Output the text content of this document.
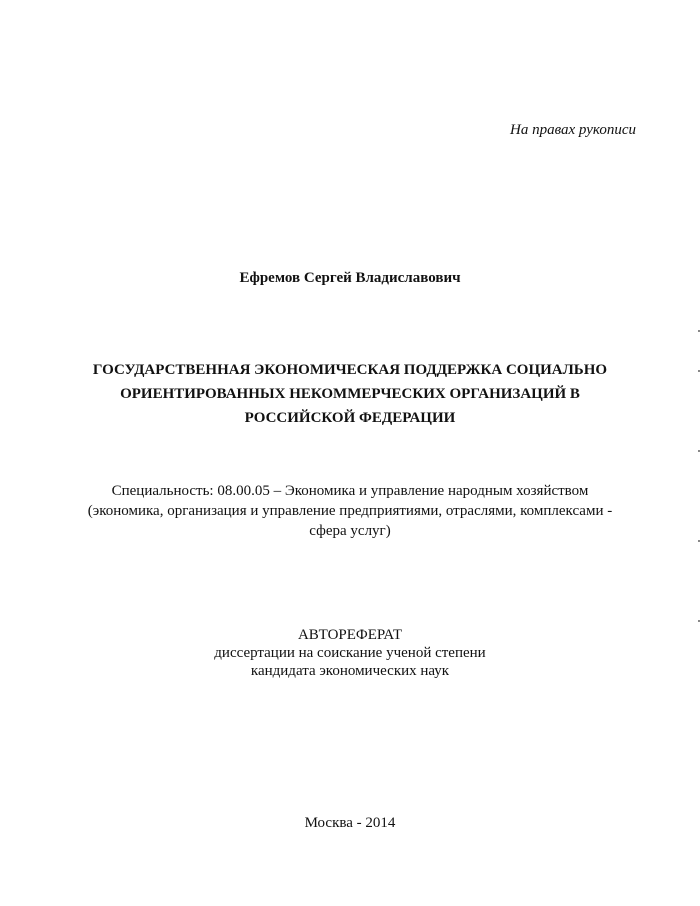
На правах рукописи
Ефремов Сергей Владиславович
ГОСУДАРСТВЕННАЯ ЭКОНОМИЧЕСКАЯ ПОДДЕРЖКА СОЦИАЛЬНО
ОРИЕНТИРОВАННЫХ НЕКОММЕРЧЕСКИХ ОРГАНИЗАЦИЙ В
РОССИЙСКОЙ ФЕДЕРАЦИИ
Специальность: 08.00.05 – Экономика и управление народным хозяйством
(экономика, организация и управление предприятиями, отраслями, комплексами -
сфера услуг)
АВТОРЕФЕРАТ
диссертации на соискание ученой степени
кандидата экономических наук
Москва - 2014
